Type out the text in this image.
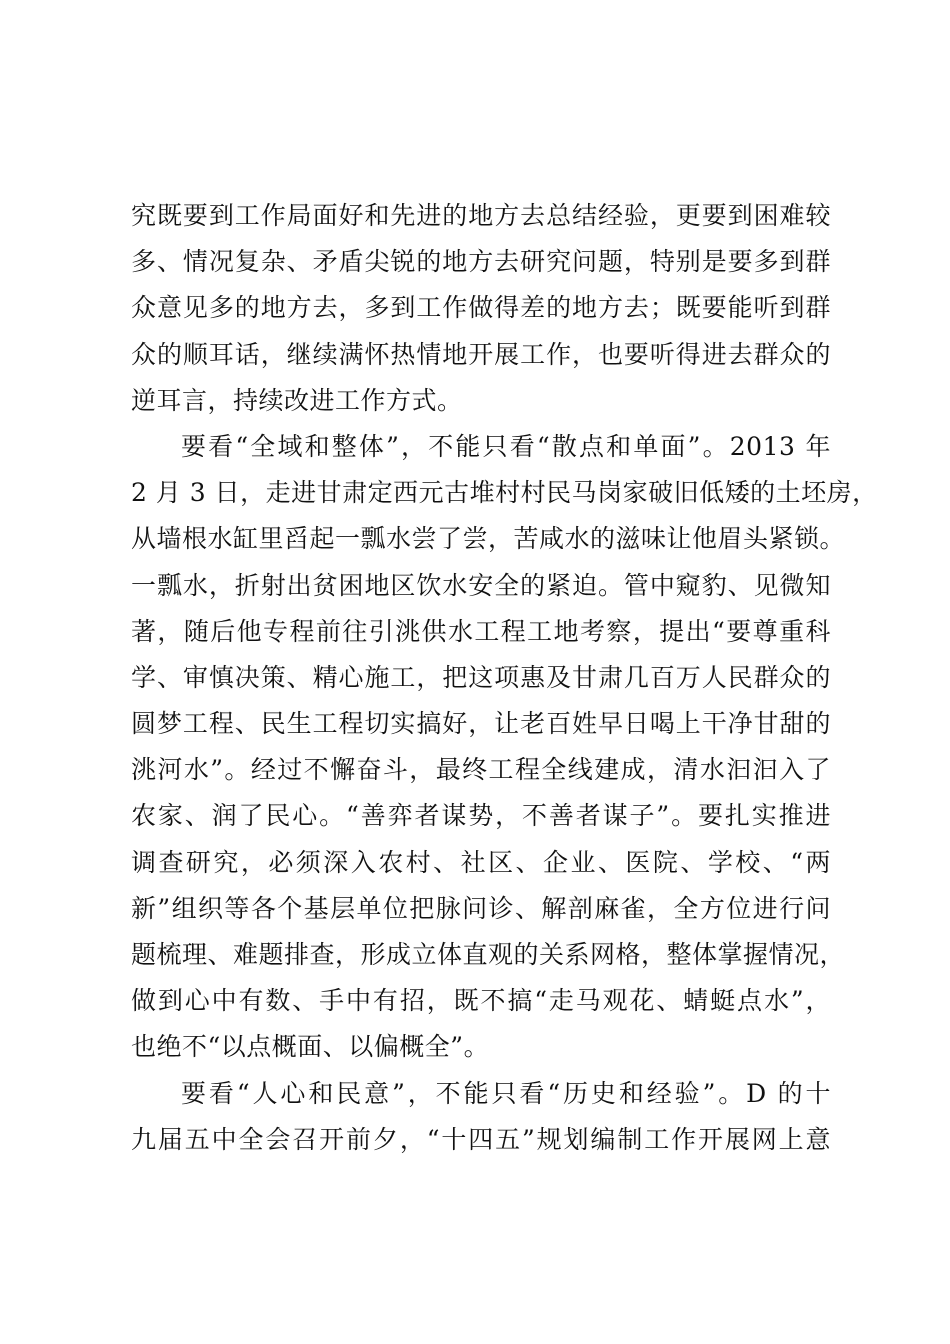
究既要到工作局面好和先进的地方去总结经验，更要到困难较
多、情况复杂、矛盾尖锐的地方去研究问题，特别是要多到群
众意见多的地方去，多到工作做得差的地方去；既要能听到群
众的顺耳话，继续满怀热情地开展工作，也要听得进去群众的
逆耳言，持续改进工作方式。
要看“全域和整体”，不能只看“散点和单面”。2013 年
2 月 3 日，走进甘肃定西元古堆村村民马岗家破旧低矮的土坯房，
从墙根水缸里舀起一瓢水尝了尝，苦咸水的滋味让他眉头紧锁。
一瓢水，折射出贫困地区饮水安全的紧迫。管中窥豹、见微知
著，随后他专程前往引洮供水工程工地考察，提出“要尊重科
学、审慎决策、精心施工，把这项惠及甘肃几百万人民群众的
圆梦工程、民生工程切实搞好，让老百姓早日喝上干净甘甜的
洮河水”。经过不懈奋斗，最终工程全线建成，清水汩汩入了
农家、润了民心。“善弈者谋势，不善者谋子”。要扎实推进
调查研究，必须深入农村、社区、企业、医院、学校、“两
新”组织等各个基层单位把脉问诊、解剖麻雀，全方位进行问
题梳理、难题排查，形成立体直观的关系网格，整体掌握情况，
做到心中有数、手中有招，既不搞“走马观花、蜻蜓点水”，
也绝不“以点概面、以偏概全”。
要看“人心和民意”，不能只看“历史和经验”。D 的十
九届五中全会召开前夕，“十四五”规划编制工作开展网上意
